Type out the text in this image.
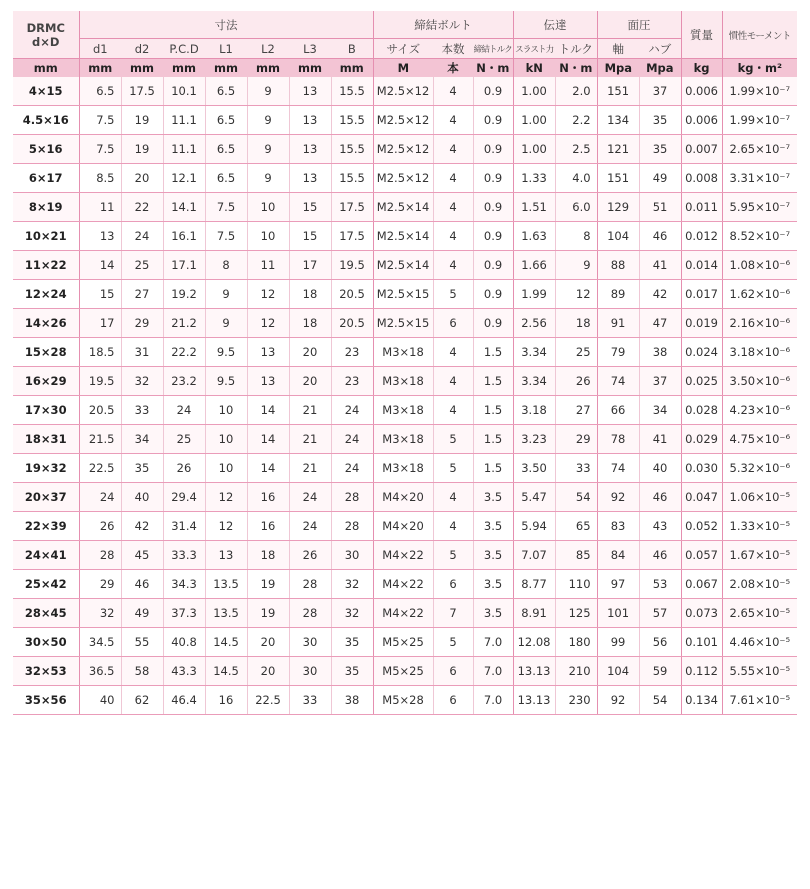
DRMC
d×D	寸法							締結ボルト			伝達		面圧		質量	慣性モーメント
	d1	d2	P.C.D	L1	L2	L3	B	サイズ	本数	締結トルク	スラスト力	トルク	軸	ハブ		
mm	mm	mm	mm	mm	mm	mm	mm	M	本	N・m	kN	N・m	Mpa	Mpa	kg	kg・m²
4×15	6.5	17.5	10.1	6.5	9	13	15.5	M2.5×12	4	0.9	1.00	2.0	151	37	0.006	1.99×10⁻⁷
4.5×16	7.5	19	11.1	6.5	9	13	15.5	M2.5×12	4	0.9	1.00	2.2	134	35	0.006	1.99×10⁻⁷
5×16	7.5	19	11.1	6.5	9	13	15.5	M2.5×12	4	0.9	1.00	2.5	121	35	0.007	2.65×10⁻⁷
6×17	8.5	20	12.1	6.5	9	13	15.5	M2.5×12	4	0.9	1.33	4.0	151	49	0.008	3.31×10⁻⁷
8×19	11	22	14.1	7.5	10	15	17.5	M2.5×14	4	0.9	1.51	6.0	129	51	0.011	5.95×10⁻⁷
10×21	13	24	16.1	7.5	10	15	17.5	M2.5×14	4	0.9	1.63	8	104	46	0.012	8.52×10⁻⁷
11×22	14	25	17.1	8	11	17	19.5	M2.5×14	4	0.9	1.66	9	88	41	0.014	1.08×10⁻⁶
12×24	15	27	19.2	9	12	18	20.5	M2.5×15	5	0.9	1.99	12	89	42	0.017	1.62×10⁻⁶
14×26	17	29	21.2	9	12	18	20.5	M2.5×15	6	0.9	2.56	18	91	47	0.019	2.16×10⁻⁶
15×28	18.5	31	22.2	9.5	13	20	23	M3×18	4	1.5	3.34	25	79	38	0.024	3.18×10⁻⁶
16×29	19.5	32	23.2	9.5	13	20	23	M3×18	4	1.5	3.34	26	74	37	0.025	3.50×10⁻⁶
17×30	20.5	33	24	10	14	21	24	M3×18	4	1.5	3.18	27	66	34	0.028	4.23×10⁻⁶
18×31	21.5	34	25	10	14	21	24	M3×18	5	1.5	3.23	29	78	41	0.029	4.75×10⁻⁶
19×32	22.5	35	26	10	14	21	24	M3×18	5	1.5	3.50	33	74	40	0.030	5.32×10⁻⁶
20×37	24	40	29.4	12	16	24	28	M4×20	4	3.5	5.47	54	92	46	0.047	1.06×10⁻⁵
22×39	26	42	31.4	12	16	24	28	M4×20	4	3.5	5.94	65	83	43	0.052	1.33×10⁻⁵
24×41	28	45	33.3	13	18	26	30	M4×22	5	3.5	7.07	85	84	46	0.057	1.67×10⁻⁵
25×42	29	46	34.3	13.5	19	28	32	M4×22	6	3.5	8.77	110	97	53	0.067	2.08×10⁻⁵
28×45	32	49	37.3	13.5	19	28	32	M4×22	7	3.5	8.91	125	101	57	0.073	2.65×10⁻⁵
30×50	34.5	55	40.8	14.5	20	30	35	M5×25	5	7.0	12.08	180	99	56	0.101	4.46×10⁻⁵
32×53	36.5	58	43.3	14.5	20	30	35	M5×25	6	7.0	13.13	210	104	59	0.112	5.55×10⁻⁵
35×56	40	62	46.4	16	22.5	33	38	M5×28	6	7.0	13.13	230	92	54	0.134	7.61×10⁻⁵
